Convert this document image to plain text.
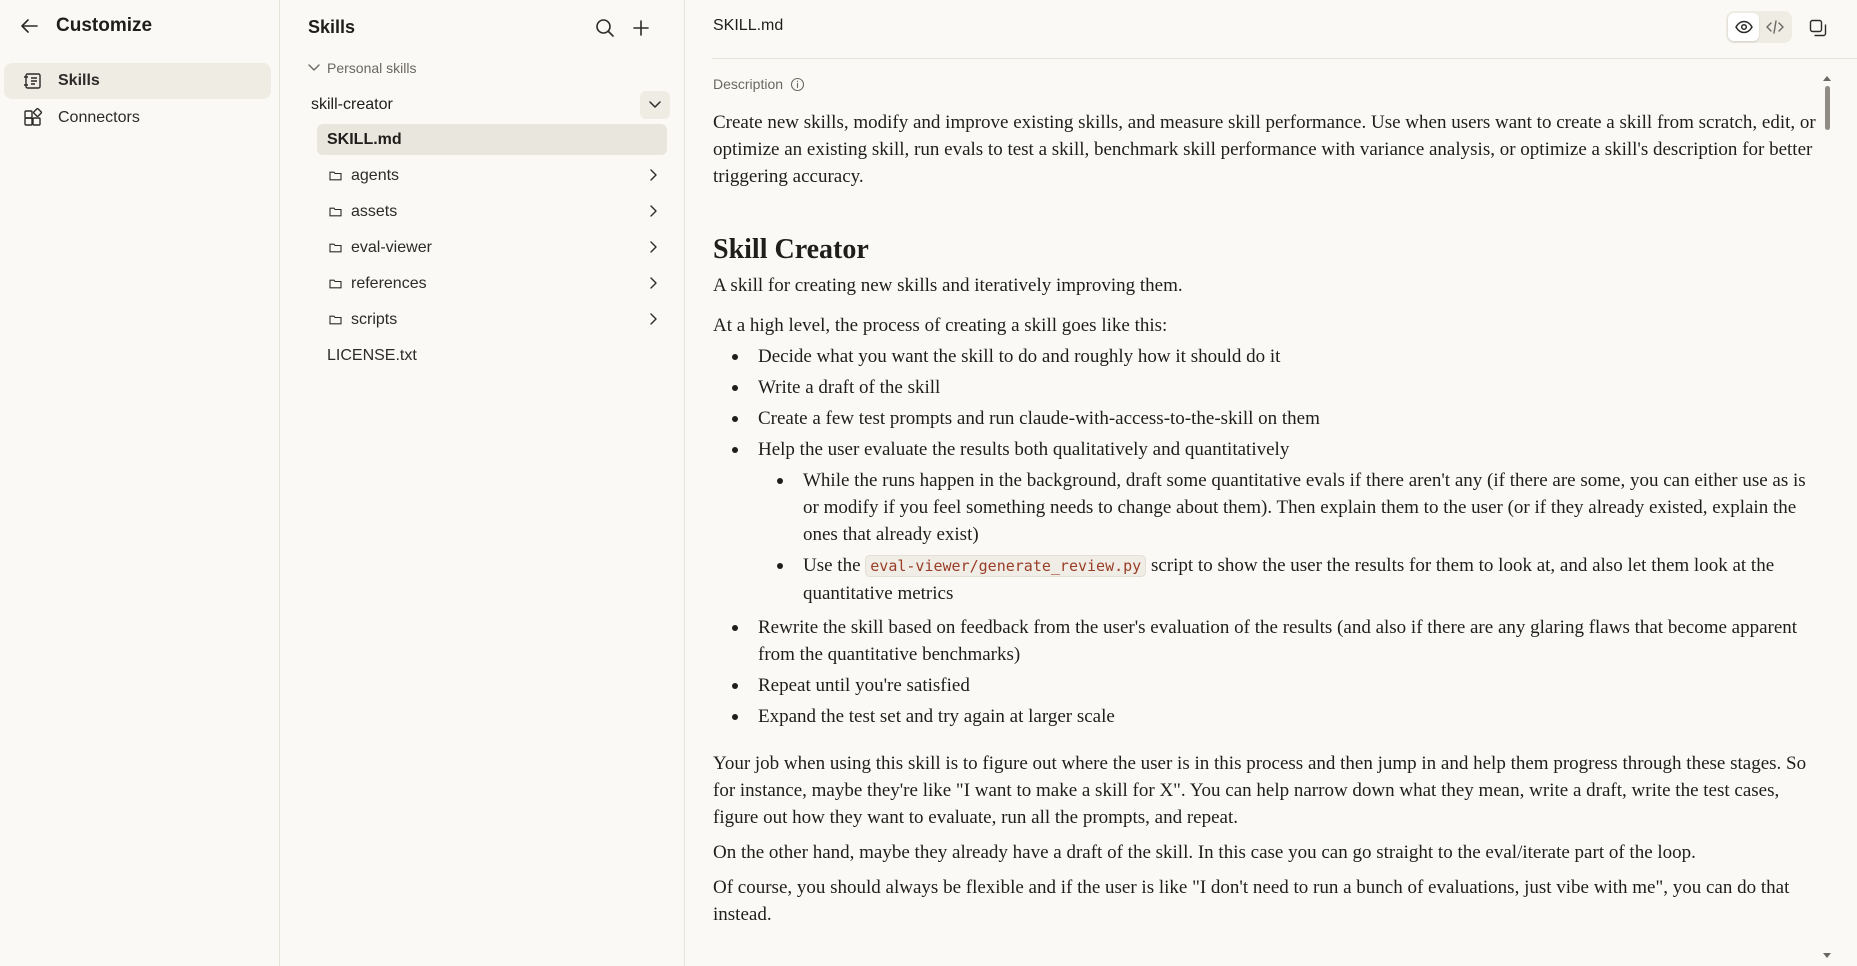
Customize
Skills
Connectors
Skills
Personal skills
skill-creator
SKILL.md
agents
assets
eval-viewer
references
scripts
LICENSE.txt
SKILL.md
Description

Create new skills, modify and improve existing skills, and measure skill performance. Use when users want to create a skill from scratch, edit, or optimize an existing skill, run evals to test a skill, benchmark skill performance with variance analysis, or optimize a skill's description for better triggering accuracy.

Skill Creator

A skill for creating new skills and iteratively improving them.

At a high level, the process of creating a skill goes like this:

Decide what you want the skill to do and roughly how it should do it
Write a draft of the skill
Create a few test prompts and run claude-with-access-to-the-skill on them
Help the user evaluate the results both qualitatively and quantitatively
While the runs happen in the background, draft some quantitative evals if there aren't any (if there are some, you can either use as is or modify if you feel something needs to change about them). Then explain them to the user (or if they already existed, explain the ones that already exist)
Use the eval-viewer/generate_review.py script to show the user the results for them to look at, and also let them look at the quantitative metrics
Rewrite the skill based on feedback from the user's evaluation of the results (and also if there are any glaring flaws that become apparent from the quantitative benchmarks)
Repeat until you're satisfied
Expand the test set and try again at larger scale

Your job when using this skill is to figure out where the user is in this process and then jump in and help them progress through these stages. So for instance, maybe they're like "I want to make a skill for X". You can help narrow down what they mean, write a draft, write the test cases, figure out how they want to evaluate, run all the prompts, and repeat.

On the other hand, maybe they already have a draft of the skill. In this case you can go straight to the eval/iterate part of the loop.

Of course, you should always be flexible and if the user is like "I don't need to run a bunch of evaluations, just vibe with me", you can do that instead.
